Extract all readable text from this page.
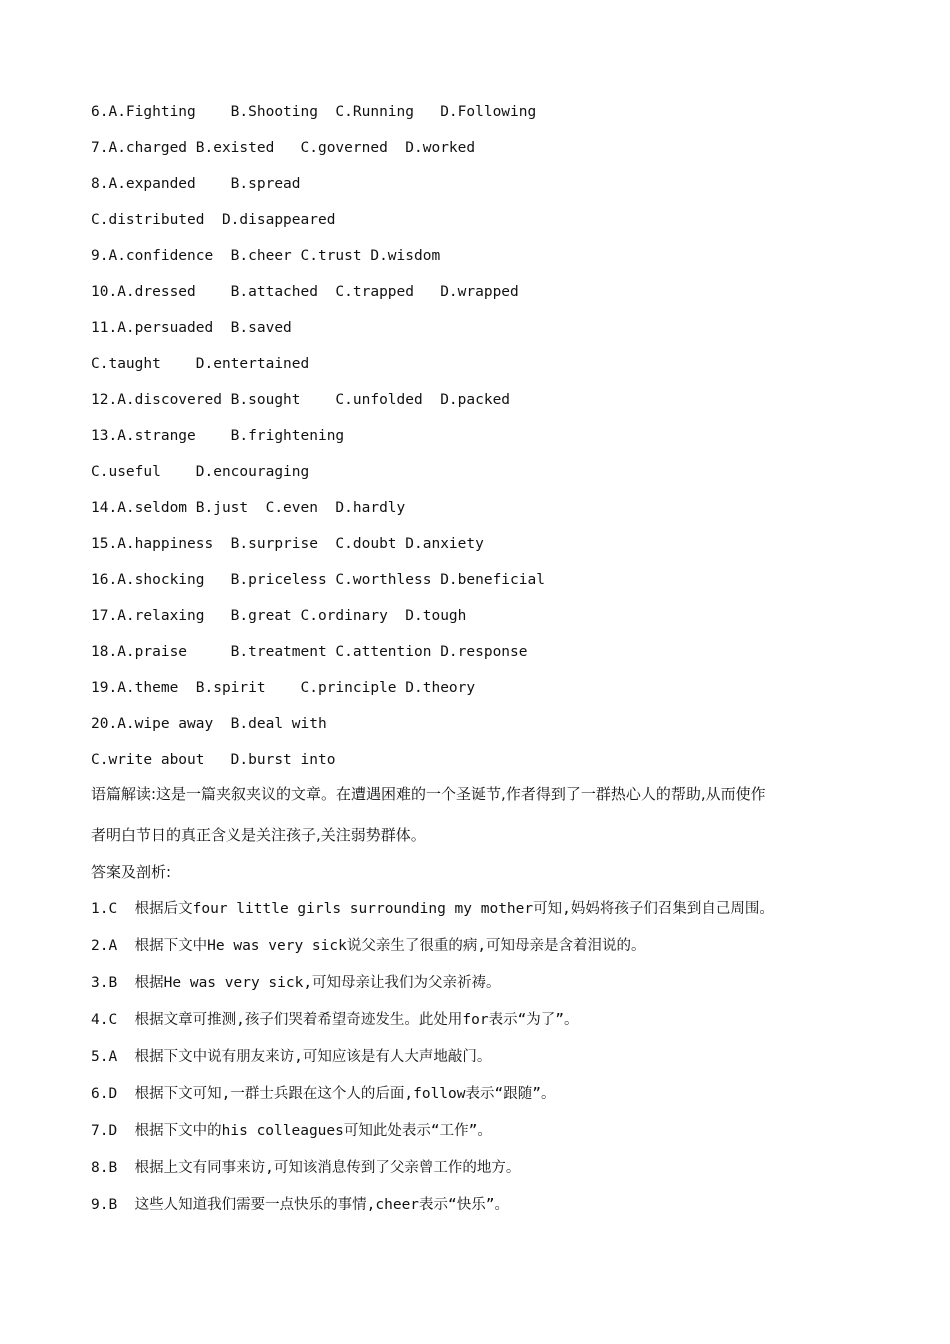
6.A.Fighting    B.Shooting  C.Running   D.Following
7.A.charged B.existed   C.governed  D.worked
8.A.expanded    B.spread
C.distributed  D.disappeared
9.A.confidence  B.cheer C.trust D.wisdom
10.A.dressed    B.attached  C.trapped   D.wrapped
11.A.persuaded  B.saved
C.taught    D.entertained
12.A.discovered B.sought    C.unfolded  D.packed
13.A.strange    B.frightening
C.useful    D.encouraging
14.A.seldom B.just  C.even  D.hardly
15.A.happiness  B.surprise  C.doubt D.anxiety
16.A.shocking   B.priceless C.worthless D.beneficial
17.A.relaxing   B.great C.ordinary  D.tough
18.A.praise     B.treatment C.attention D.response
19.A.theme  B.spirit    C.principle D.theory
20.A.wipe away  B.deal with
C.write about   D.burst into
语篇解读:这是一篇夹叙夹议的文章。在遭遇困难的一个圣诞节,作者得到了一群热心人的帮助,从而使作
者明白节日的真正含义是关注孩子,关注弱势群体。
答案及剖析:
1.C  根据后文four little girls surrounding my mother可知,妈妈将孩子们召集到自己周围。
2.A  根据下文中He was very sick说父亲生了很重的病,可知母亲是含着泪说的。
3.B  根据He was very sick,可知母亲让我们为父亲祈祷。
4.C  根据文章可推测,孩子们哭着希望奇迹发生。此处用for表示“为了”。
5.A  根据下文中说有朋友来访,可知应该是有人大声地敲门。
6.D  根据下文可知,一群士兵跟在这个人的后面,follow表示“跟随”。
7.D  根据下文中的his colleagues可知此处表示“工作”。
8.B  根据上文有同事来访,可知该消息传到了父亲曾工作的地方。
9.B  这些人知道我们需要一点快乐的事情,cheer表示“快乐”。
